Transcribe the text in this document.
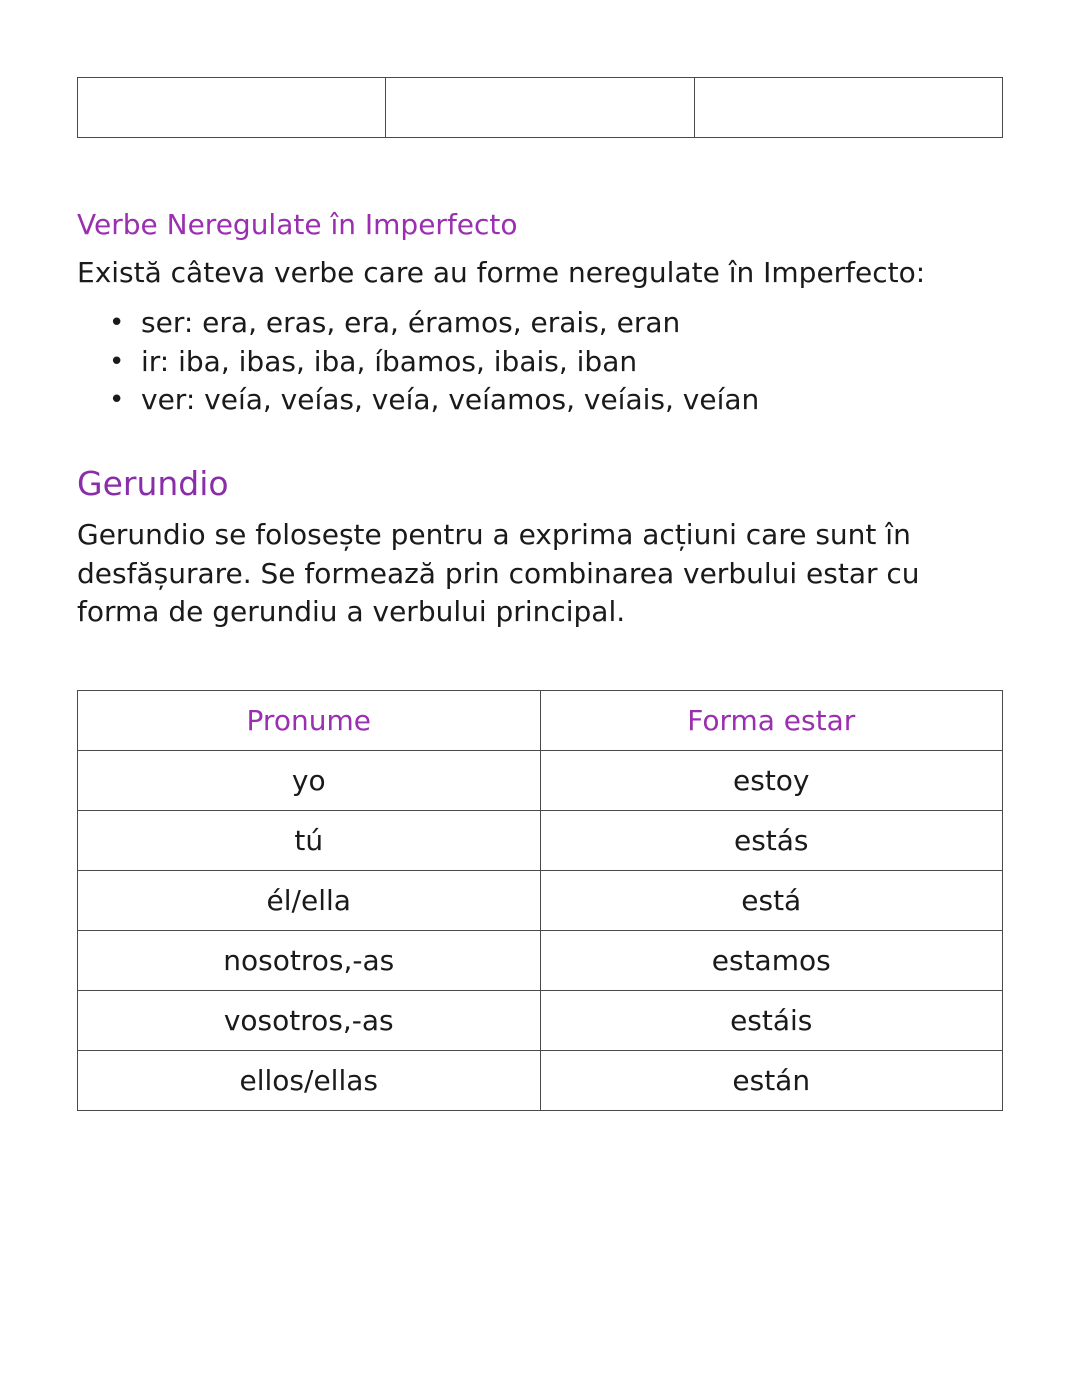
Verbe Neregulate în Imperfecto

Există câteva verbe care au forme neregulate în Imperfecto:

• ser: era, eras, era, éramos, erais, eran
• ir: iba, ibas, iba, íbamos, ibais, iban
• ver: veía, veías, veía, veíamos, veíais, veían
Gerundio

Gerundio se folosește pentru a exprima acțiuni care sunt în desfășurare. Se formează prin combinarea verbului estar cu forma de gerundiu a verbului principal.

Pronume	Forma estar
yo	estoy
tú	estás
él/ella	está
nosotros,-as	estamos
vosotros,-as	estáis
ellos/ellas	están
